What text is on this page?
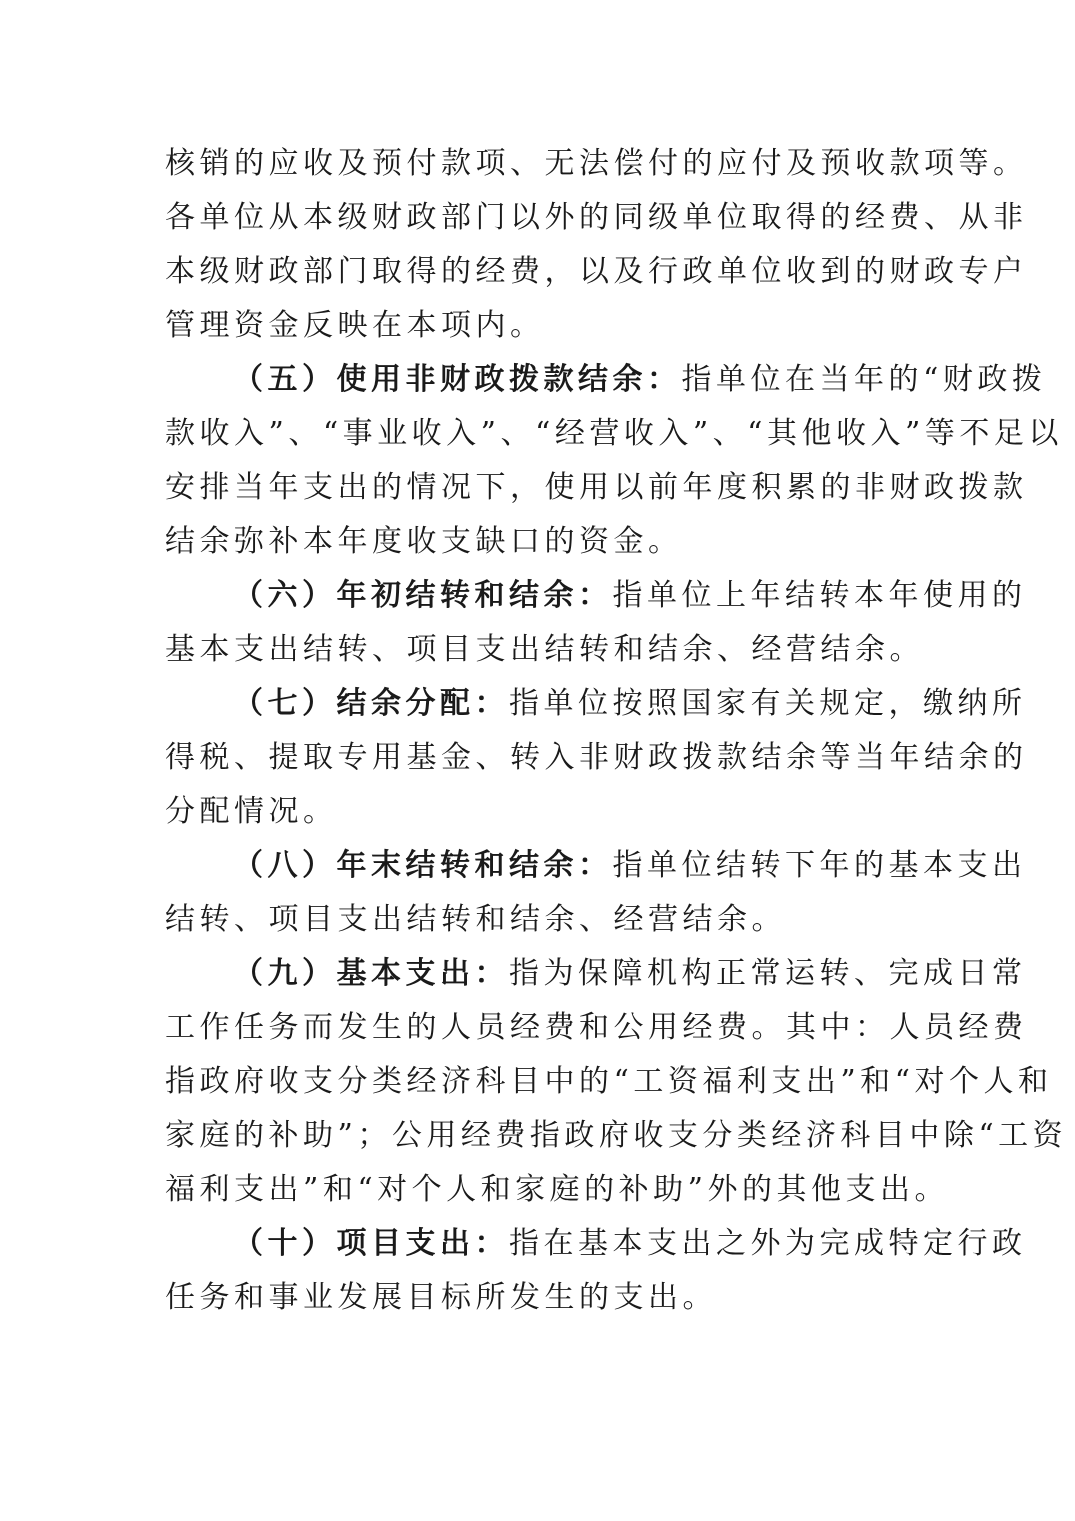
核销的应收及预付款项、无法偿付的应付及预收款项等。
各单位从本级财政部门以外的同级单位取得的经费、从非
本级财政部门取得的经费，以及行政单位收到的财政专户
管理资金反映在本项内。
（五）使用非财政拨款结余：指单位在当年的“财政拨
款收入”、“事业收入”、“经营收入”、“其他收入”等不足以
安排当年支出的情况下，使用以前年度积累的非财政拨款
结余弥补本年度收支缺口的资金。
（六）年初结转和结余：指单位上年结转本年使用的
基本支出结转、项目支出结转和结余、经营结余。
（七）结余分配：指单位按照国家有关规定，缴纳所
得税、提取专用基金、转入非财政拨款结余等当年结余的
分配情况。
（八）年末结转和结余：指单位结转下年的基本支出
结转、项目支出结转和结余、经营结余。
（九）基本支出：指为保障机构正常运转、完成日常
工作任务而发生的人员经费和公用经费。其中：人员经费
指政府收支分类经济科目中的“工资福利支出”和“对个人和
家庭的补助”；公用经费指政府收支分类经济科目中除“工资
福利支出”和“对个人和家庭的补助”外的其他支出。
（十）项目支出：指在基本支出之外为完成特定行政
任务和事业发展目标所发生的支出。
